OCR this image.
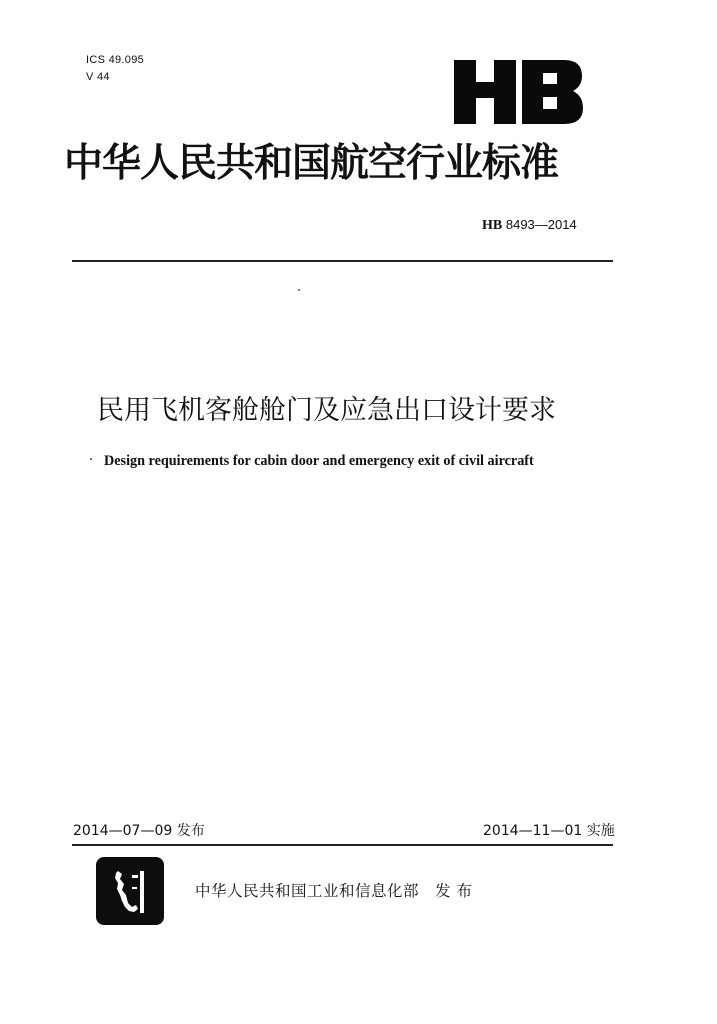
ICS 49.095
V 44
中华人民共和国航空行业标准
HB 8493—2014
民用飞机客舱舱门及应急出口设计要求
Design requirements for cabin door and emergency exit of civil aircraft
2014—07—09 发布	2014—11—01 实施
中华人民共和国工业和信息化部 发 布
